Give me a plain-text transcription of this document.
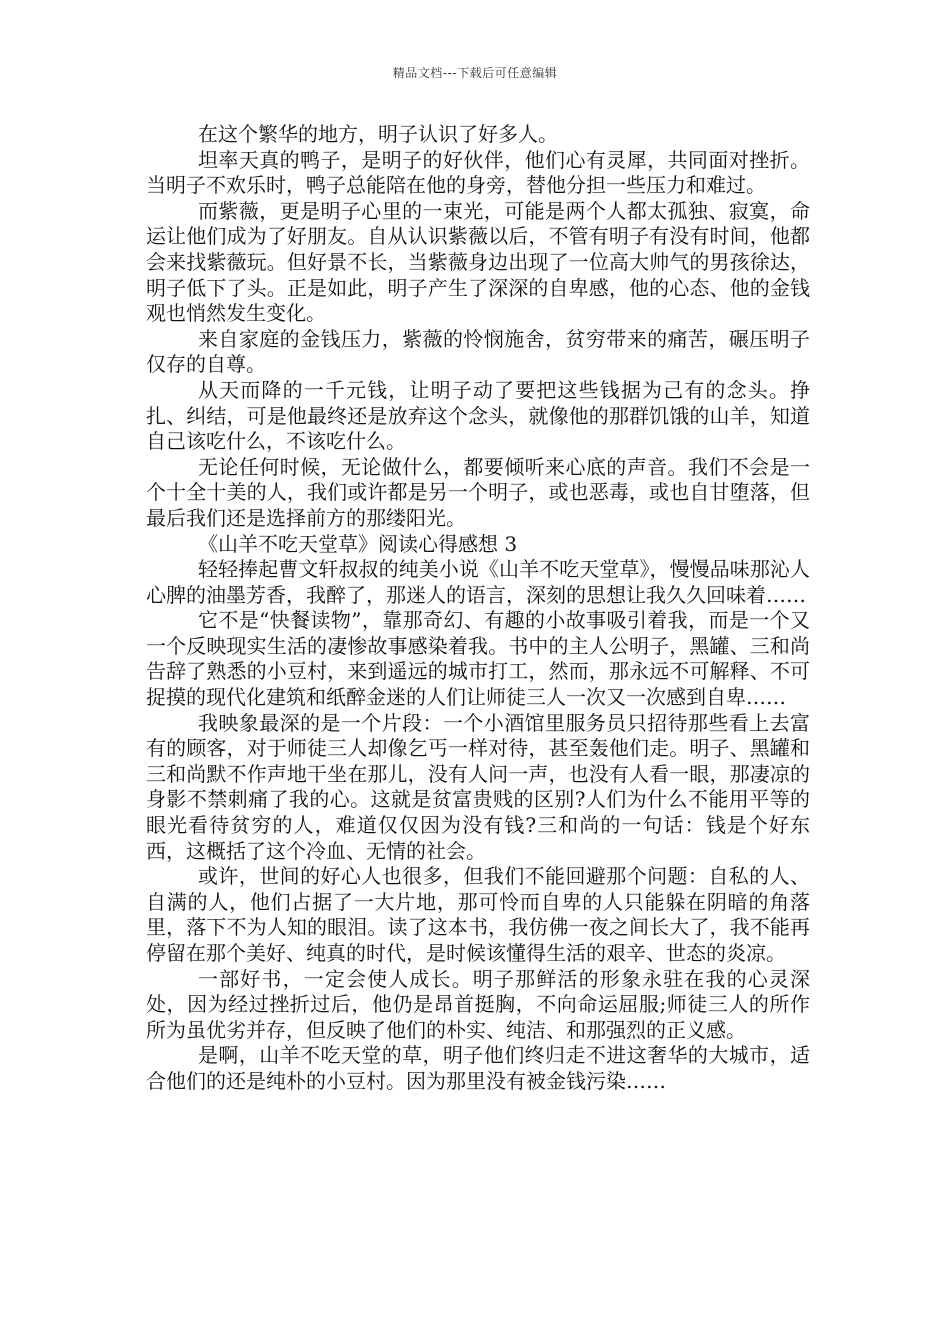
精品文档---下载后可任意编辑

在这个繁华的地方，明子认识了好多人。

坦率天真的鸭子，是明子的好伙伴，他们心有灵犀，共同面对挫折。当明子不欢乐时，鸭子总能陪在他的身旁，替他分担一些压力和难过。

而紫薇，更是明子心里的一束光，可能是两个人都太孤独、寂寞，命运让他们成为了好朋友。自从认识紫薇以后，不管有明子有没有时间，他都会来找紫薇玩。但好景不长，当紫薇身边出现了一位高大帅气的男孩徐达，明子低下了头。正是如此，明子产生了深深的自卑感，他的心态、他的金钱观也悄然发生变化。

来自家庭的金钱压力，紫薇的怜悯施舍，贫穷带来的痛苦，碾压明子仅存的自尊。

从天而降的一千元钱，让明子动了要把这些钱据为己有的念头。挣扎、纠结，可是他最终还是放弃这个念头，就像他的那群饥饿的山羊，知道自己该吃什么，不该吃什么。

无论任何时候，无论做什么，都要倾听来心底的声音。我们不会是一个十全十美的人，我们或许都是另一个明子，或也恶毒，或也自甘堕落，但最后我们还是选择前方的那缕阳光。

《山羊不吃天堂草》阅读心得感想 3

轻轻捧起曹文轩叔叔的纯美小说《山羊不吃天堂草》，慢慢品味那沁人心脾的油墨芳香，我醉了，那迷人的语言，深刻的思想让我久久回味着……

它不是“快餐读物”，靠那奇幻、有趣的小故事吸引着我，而是一个又一个反映现实生活的凄惨故事感染着我。书中的主人公明子，黑罐、三和尚告辞了熟悉的小豆村，来到遥远的城市打工，然而，那永远不可解释、不可捉摸的现代化建筑和纸醉金迷的人们让师徒三人一次又一次感到自卑……

我映象最深的是一个片段：一个小酒馆里服务员只招待那些看上去富有的顾客，对于师徒三人却像乞丐一样对待，甚至轰他们走。明子、黑罐和三和尚默不作声地干坐在那儿，没有人问一声，也没有人看一眼，那凄凉的身影不禁刺痛了我的心。这就是贫富贵贱的区别?人们为什么不能用平等的眼光看待贫穷的人，难道仅仅因为没有钱?三和尚的一句话：钱是个好东西，这概括了这个冷血、无情的社会。

或许，世间的好心人也很多，但我们不能回避那个问题：自私的人、自满的人，他们占据了一大片地，那可怜而自卑的人只能躲在阴暗的角落里，落下不为人知的眼泪。读了这本书，我仿佛一夜之间长大了，我不能再停留在那个美好、纯真的时代，是时候该懂得生活的艰辛、世态的炎凉。

一部好书，一定会使人成长。明子那鲜活的形象永驻在我的心灵深处，因为经过挫折过后，他仍是昂首挺胸，不向命运屈服;师徒三人的所作所为虽优劣并存，但反映了他们的朴实、纯洁、和那强烈的正义感。

是啊，山羊不吃天堂的草，明子他们终归走不进这奢华的大城市，适合他们的还是纯朴的小豆村。因为那里没有被金钱污染……
